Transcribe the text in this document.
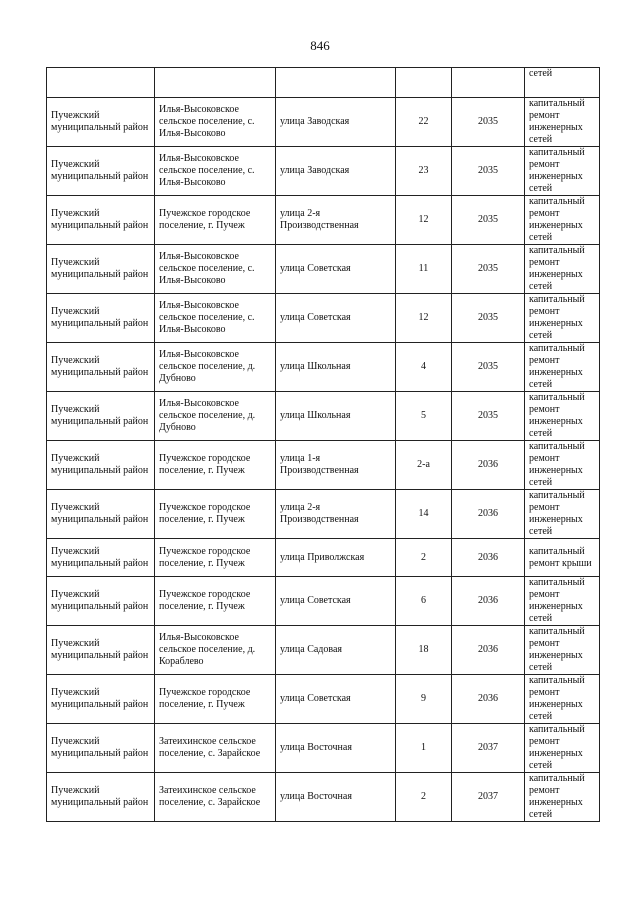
846
					сетей
Пучежский муниципальный район	Илья-Высоковское сельское поселение, с. Илья-Высоково	улица Заводская	22	2035	капитальный ремонт инженерных сетей
Пучежский муниципальный район	Илья-Высоковское сельское поселение, с. Илья-Высоково	улица Заводская	23	2035	капитальный ремонт инженерных сетей
Пучежский муниципальный район	Пучежское городское поселение, г. Пучеж	улица 2-я Производственная	12	2035	капитальный ремонт инженерных сетей
Пучежский муниципальный район	Илья-Высоковское сельское поселение, с. Илья-Высоково	улица Советская	11	2035	капитальный ремонт инженерных сетей
Пучежский муниципальный район	Илья-Высоковское сельское поселение, с. Илья-Высоково	улица Советская	12	2035	капитальный ремонт инженерных сетей
Пучежский муниципальный район	Илья-Высоковское сельское поселение, д. Дубново	улица Школьная	4	2035	капитальный ремонт инженерных сетей
Пучежский муниципальный район	Илья-Высоковское сельское поселение, д. Дубново	улица Школьная	5	2035	капитальный ремонт инженерных сетей
Пучежский муниципальный район	Пучежское городское поселение, г. Пучеж	улица 1-я Производственная	2-а	2036	капитальный ремонт инженерных сетей
Пучежский муниципальный район	Пучежское городское поселение, г. Пучеж	улица 2-я Производственная	14	2036	капитальный ремонт инженерных сетей
Пучежский муниципальный район	Пучежское городское поселение, г. Пучеж	улица Приволжская	2	2036	капитальный ремонт крыши
Пучежский муниципальный район	Пучежское городское поселение, г. Пучеж	улица Советская	6	2036	капитальный ремонт инженерных сетей
Пучежский муниципальный район	Илья-Высоковское сельское поселение, д. Кораблево	улица Садовая	18	2036	капитальный ремонт инженерных сетей
Пучежский муниципальный район	Пучежское городское поселение, г. Пучеж	улица Советская	9	2036	капитальный ремонт инженерных сетей
Пучежский муниципальный район	Затеихинское сельское поселение, с. Зарайское	улица Восточная	1	2037	капитальный ремонт инженерных сетей
Пучежский муниципальный район	Затеихинское сельское поселение, с. Зарайское	улица Восточная	2	2037	капитальный ремонт инженерных сетей
